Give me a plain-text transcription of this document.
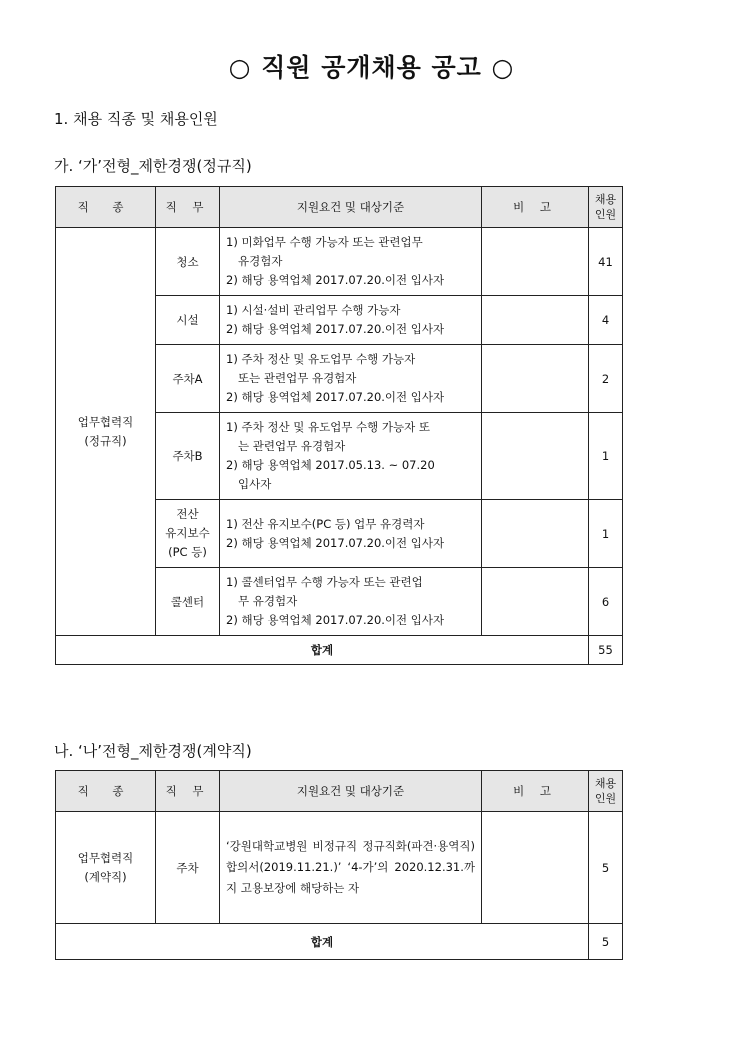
○ 직원 공개채용 공고 ○
1. 채용 직종 및 채용인원
가. ‘가’전형_제한경쟁(정규직)
직 종	직 무	지원요건 및 대상기준	비 고	채용
인원
업무협력직
(정규직)	청소	1) 미화업무 수행 가능자 또는 관련업무
유경험자
2) 해당 용역업체 2017.07.20.이전 입사자		41
	시설	1) 시설·설비 관리업무 수행 가능자
2) 해당 용역업체 2017.07.20.이전 입사자		4
	주차A	1) 주차 정산 및 유도업무 수행 가능자
또는 관련업무 유경험자
2) 해당 용역업체 2017.07.20.이전 입사자		2
	주차B	1) 주차 정산 및 유도업무 수행 가능자 또
는 관련업무 유경험자
2) 해당 용역업체 2017.05.13. ~ 07.20
입사자		1
	전산
유지보수
(PC 등)	1) 전산 유지보수(PC 등) 업무 유경력자
2) 해당 용역업체 2017.07.20.이전 입사자		1
	콜센터	1) 콜센터업무 수행 가능자 또는 관련업
무 유경험자
2) 해당 용역업체 2017.07.20.이전 입사자		6
합계				55
나. ‘나’전형_제한경쟁(계약직)
직 종	직 무	지원요건 및 대상기준	비 고	채용
인원
업무협력직
(계약직)	주차	‘강원대학교병원 비정규직 정규직화(파견·용역직) 합의서(2019.11.21.)’ ‘4-가’의 2020.12.31.까지 고용보장에 해당하는 자		5
합계				5
